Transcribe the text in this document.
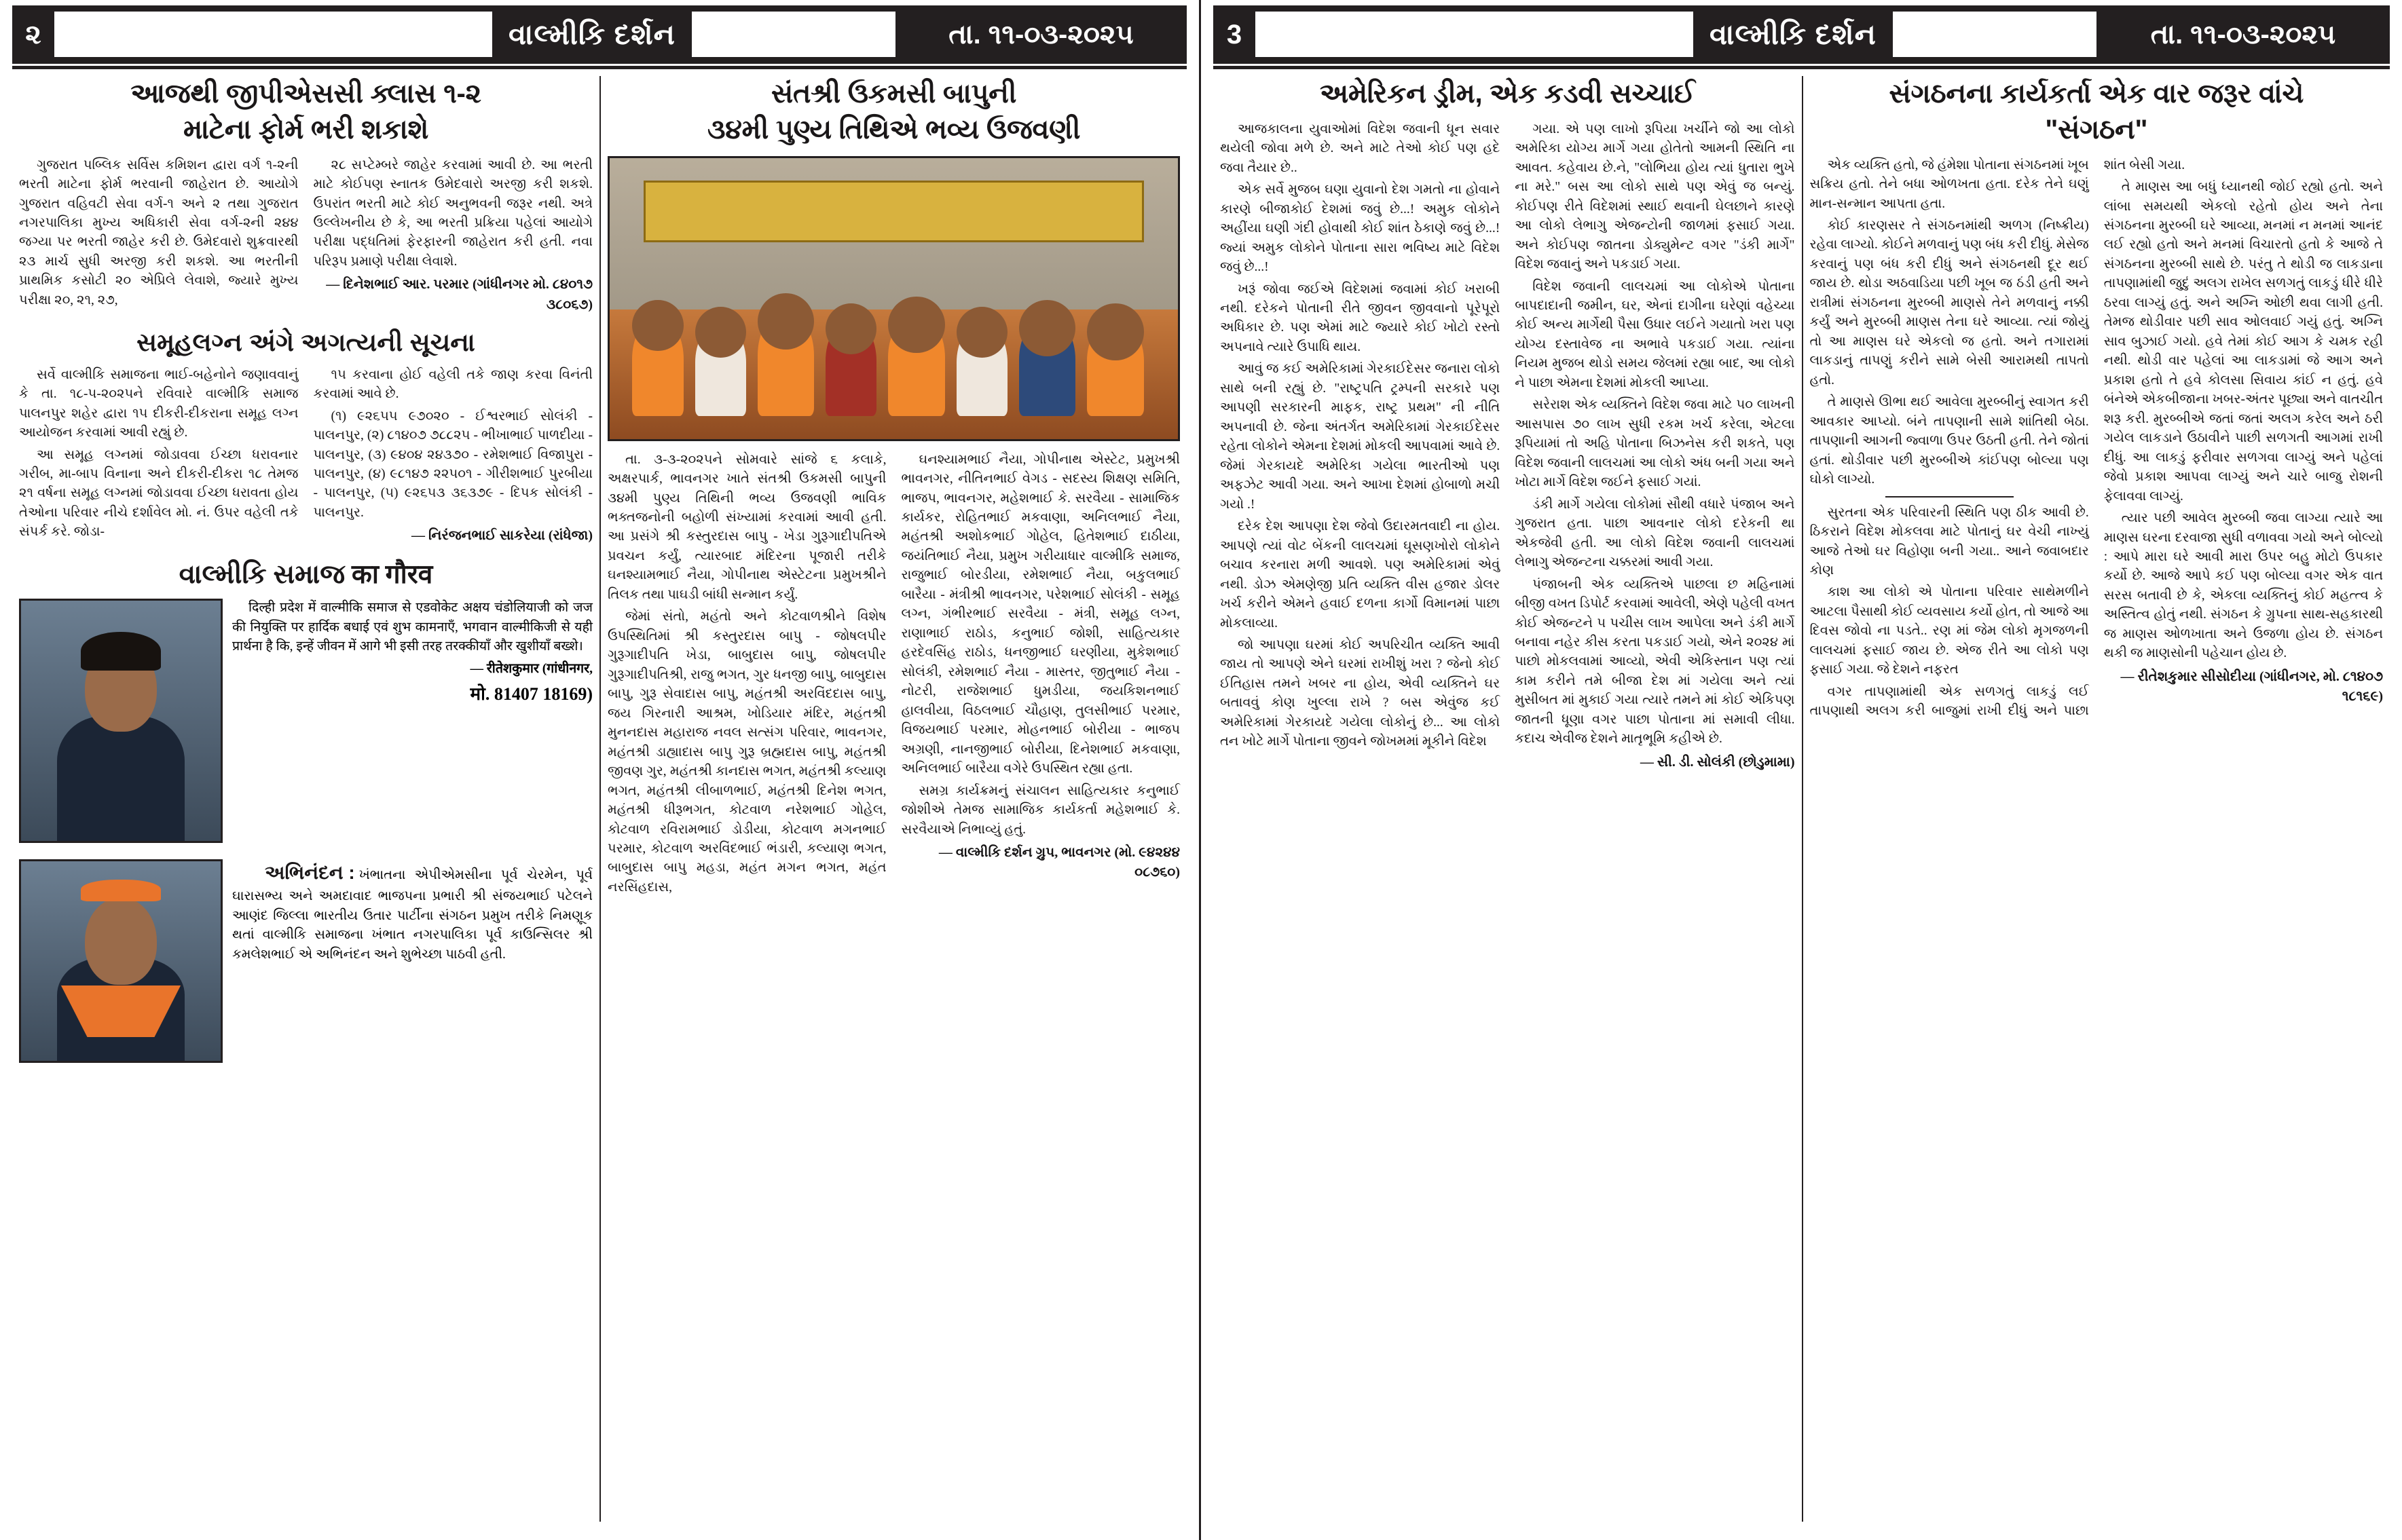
૨	વાલ્મીકિ દર્શન	તા. ૧૧-૦૩-૨૦૨૫
આજથી જીપીએસસી ક્લાસ ૧-૨
માટેના ફોર્મ ભરી શકાશે

ગુજરાત પબ્લિક સર્વિસ કમિશન દ્વારા વર્ગ ૧-૨ની ભરતી માટેના ફોર્મ ભરવાની જાહેરાત છે. આયોગે ગુજરાત વહિવટી સેવા વર્ગ-૧ અને ૨ તથા ગુજરાત નગરપાલિકા મુખ્ય અધિકારી સેવા વર્ગ-૨ની ૨૪૪ જગ્યા પર ભરતી જાહેર કરી છે. ઉમેદવારો શુક્રવારથી ૨૩ માર્ચ સુધી અરજી કરી શકશે. આ ભરતીની પ્રાથમિક કસોટી ૨૦ એપ્રિલે લેવાશે, જ્યારે મુખ્ય પરીક્ષા ૨૦, ૨૧, ૨૭,

૨૮ સપ્ટેમ્બરે જાહેર કરવામાં આવી છે. આ ભરતી માટે કોઈપણ સ્નાતક ઉમેદવારો અરજી કરી શકશે. ઉપરાંત ભરતી માટે કોઈ અનુભવની જરૂર નથી. અત્રે ઉલ્લેખનીય છે કે, આ ભરતી પ્રક્રિયા પહેલાં આયોગે પરીક્ષા પદ્ધતિમાં ફેરફારની જાહેરાત કરી હતી. નવા પરિરૂપ પ્રમાણે પરીક્ષા લેવાશે.

— દિનેશભાઈ આર. પરમાર (ગાંધીનગર મો. ૮૪૦૧૭ ૩૮૦૬૭)

સમૂહલગ્ન અંગે અગત્યની સૂચના

સર્વે વાલ્મીકિ સમાજના ભાઈ-બહેનોને જણાવવાનું કે તા. ૧૮-૫-૨૦૨૫ને રવિવારે વાલ્મીકિ સમાજ પાલનપુર શહેર દ્વારા ૧૫ દીકરી-દીકરાના સમૂહ લગ્ન આયોજન કરવામાં આવી રહ્યું છે.

આ સમૂહ લગ્નમાં જોડાવવા ઈચ્છા ધરાવનાર ગરીબ, મા-બાપ વિનાના અને દીકરી-દીકરા ૧૮ તેમજ ૨૧ વર્ષના સમૂહ લગ્નમાં જોડાવવા ઈચ્છા ધરાવતા હોય તેઓના પરિવાર નીચે દર્શાવેલ મો. નં. ઉપર વહેલી તકે સંપર્ક કરે. જોડા-

૧૫ કરવાના હોઈ વહેલી તકે જાણ કરવા વિનંતી કરવામાં આવે છે.

(૧) ૯૨૬૫૫ ૯૭૦૨૦ - ઈશ્વરભાઈ સોલંકી - પાલનપુર, (૨) ૮૧૪૦૭ ૭૮૮૨૫ - ભીખાભાઈ પાળદીયા - પાલનપુર, (૩) ૯૪૦૪ ૨૪૩૭૦ - રમેશભાઈ વિજાપુરા - પાલનપુર, (૪) ૯૮૧૪૭ ૨૨૫૦૧ - ગીરીશભાઈ પુરબીયા - પાલનપુર, (૫) ૯૨૬૫૩ ૩૬૩૭૯ - દિપક સોલંકી - પાલનપુર.

— નિરંજનભાઈ સાકરેયા (રાંધેજા)

વાલ્મીકિ સમાજ का गौरव

दिल्ही प्रदेश में वाल्मीकि समाज से एडवोकेट अक्षय चंडोलियाजी को जज की नियुक्ति पर हार्दिक बधाई एवं शुभ कामनाएँ, भगवान वाल्मीकिजी से यही प्रार्थना है कि, इन्हें जीवन में आगे भी इसी तरह तरक्कीयाँ और खुशीयाँ बख्शे।

— रीतेशकुमार (गांधीनगर,

मो. 81407 18169)

અભિનંદન : ખંભાતના એપીએમસીના પૂર્વ ચેરમેન, પૂર્વ ઘારાસભ્ય અને અમદાવાદ ભાજપના પ્રભારી શ્રી સંજયભાઈ પટેલને આણંદ જિલ્લા ભારતીય ઉતાર પાર્ટીના સંગઠન પ્રમુખ તરીકે નિમણૂક થતાં વાલ્મીકિ સમાજના ખંભાત નગરપાલિકા પૂર્વ કાઉન્સિલર શ્રી કમલેશભાઈ એ અભિનંદન અને શુભેચ્છા પાઠવી હતી.

સંતશ્રી ઉકમસી બાપુની
૩૪મી પુણ્ય તિથિએ ભવ્ય ઉજવણી

તા. ૩-૩-૨૦૨૫ને સોમવારે સાંજે ૬ કલાકે, અક્ષરપાર્ક, ભાવનગર ખાતે સંતશ્રી ઉકમસી બાપુની ૩૪મી પુણ્ય તિથિની ભવ્ય ઉજવણી ભાવિક ભક્તજનોની બહોળી સંખ્યામાં કરવામાં આવી હતી. આ પ્રસંગે શ્રી કસ્તુરદાસ બાપુ - ખેડા ગુરૂગાદીપતિએ પ્રવચન કર્યું, ત્યારબાદ મંદિરના પૂજારી તરીકે ઘનશ્યામભાઈ નૈયા, ગોપીનાથ એસ્ટેટના પ્રમુખશ્રીને તિલક તથા પાઘડી બાંધી સન્માન કર્યું.

જેમાં સંતો, મહંતો અને કોટવાળશ્રીને વિશેષ ઉપસ્થિતિમાં શ્રી કસ્તુરદાસ બાપુ - જોષલપીર ગુરૂગાદીપતિ ખેડા, બાબુદાસ બાપુ, જોષલપીર ગુરૂગાદીપતિશ્રી, રાજુ ભગત, ગુર ધનજી બાપુ, બાબુદાસ બાપુ, ગુરૂ સેવાદાસ બાપુ, મહંતશ્રી અરવિંદદાસ બાપુ, જય ગિરનારી આશ્રમ, ખોડિયાર મંદિર, મહંતશ્રી મુનનદાસ મહારાજ નવલ સત્સંગ પરિવાર, ભાવનગર, મહંતશ્રી ડાહ્યાદાસ બાપુ ગુરૂ બ્રહ્મદાસ બાપુ, મહંતશ્રી જીવણ ગુર, મહંતશ્રી કાનદાસ ભગત, મહંતશ્રી કલ્યાણ ભગત, મહંતશ્રી લીબાળભાઈ, મહંતશ્રી દિનેશ ભગત, મહંતશ્રી ધીરૂભગત, કોટવાળ નરેશભાઈ ગોહેલ, કોટવાળ રવિરામભાઈ ડોડીયા, કોટવાળ મગનભાઈ પરમાર, કોટવાળ અરવિંદભાઈ ભંડારી, કલ્યાણ ભગત, બાબુદાસ બાપુ મહડા, મહંત મગન ભગત, મહંત નરસિંહદાસ,

ઘનશ્યામભાઈ નૈયા, ગોપીનાથ એસ્ટેટ, પ્રમુખશ્રી ભાવનગર, નીતિનભાઈ વેગડ - સદસ્ય શિક્ષણ સમિતિ, ભાજપ, ભાવનગર, મહેશભાઈ કે. સરવૈયા - સામાજિક કાર્યકર, રોહિતભાઈ મકવાણા, અનિલભાઈ નૈયા, મહંતશ્રી અશોકભાઈ ગોહેલ, હિતેશભાઈ દાઠીયા, જયંતિભાઈ નૈયા, પ્રમુખ ગરીયાધાર વાલ્મીકિ સમાજ, રાજુભાઈ બોરડીયા, રમેશભાઈ નૈયા, બકુલભાઈ બારૈયા - મંત્રીશ્રી ભાવનગર, પરેશભાઈ સોલંકી - સમૂહ લગ્ન, ગંભીરભાઈ સરવૈયા - મંત્રી, સમૂહ લગ્ન, રાણાભાઈ રાઠોડ, કનુભાઈ જોશી, સાહિત્યકાર હરદેવસિંહ રાઠોડ, ધનજીભાઈ ઘરણીયા, મુકેશભાઈ સોલંકી, રમેશભાઈ નૈયા - માસ્તર, જીતુભાઈ નૈયા - નોટરી, રાજેશભાઈ ધુમડીયા, જયકિશનભાઈ હાલવીયા, વિઠલભાઈ ચૌહાણ, તુલસીભાઈ પરમાર, વિજયભાઈ પરમાર, મોહનભાઈ બોરીયા - ભાજપ અગ્રણી, નાનજીભાઈ બોરીયા, દિનેશભાઈ મકવાણા, અનિલભાઈ બારૈયા વગેરે ઉપસ્થિત રહ્યા હતા.

સમગ્ર કાર્યક્રમનું સંચાલન સાહિત્યકાર કનુભાઈ જોશીએ તેમજ સામાજિક કાર્યકર્તા મહેશભાઈ કે. સરવૈયાએ નિભાવ્યું હતું.

— વાલ્મીકિ દર્શન ગ્રુપ, ભાવનગર (મો. ૯૪૨૪૪ ૦૮૭૬૦)

3	વાલ્મીકિ દર્શન	તા. ૧૧-૦૩-૨૦૨૫
અમેરિકન ડ્રીમ, એક કડવી સચ્ચાઈ

આજકાલના યુવાઓમાં વિદેશ જવાની ધૂન સવાર થયેલી જોવા મળે છે. અને માટે તેઓ કોઈ પણ હદે જવા તૈયાર છે..

એક સર્વે મુજબ ઘણા યુવાનો દેશ ગમતો ના હોવાને કારણે બીજાકોઈ દેશમાં જવું છે...! અમુક લોકોને અહીંયા ઘણી ગંદી હોવાથી કોઈ શાંત ઠેકાણે જવું છે...! જ્યાં અમુક લોકોને પોતાના સારા ભવિષ્ય માટે વિદેશ જવું છે...!

ખરૂં જોવા જઈએ વિદેશમાં જવામાં કોઈ ખરાબી નથી. દરેકને પોતાની રીતે જીવન જીવવાનો પૂરેપૂરો અધિકાર છે. પણ એમાં માટે જ્યારે કોઈ ખોટો રસ્તો અપનાવે ત્યારે ઉપાધિ થાય.

આવું જ કઈ અમેરિકામાં ગેરકાઈદેસર જનારા લોકો સાથે બની રહ્યું છે. "રાષ્ટ્રપતિ ટ્રમ્પની સરકારે પણ આપણી સરકારની માફક, રાષ્ટ્ર પ્રથમ" ની નીતિ અપનાવી છે. જેના અંતર્ગત અમેરિકામાં ગેરકાઈદેસર રહેતા લોકોને એમના દેશમાં મોકલી આપવામાં આવે છે. જેમાં ગેરકાયદે અમેરિકા ગયેલા ભારતીઓ પણ અફઝેટ આવી ગયા. અને આખા દેશમાં હોબાળો મચી ગયો .!

દરેક દેશ આપણા દેશ જેવો ઉદારમતવાદી ના હોય. આપણે ત્યાં વોટ બેંકની લાલચમાં ઘૂસણખોરો લોકોને બચાવ કરનારા મળી આવશે. પણ અમેરિકામાં એવું નથી. ડોઝ એમણેજી પ્રતિ વ્યક્તિ વીસ હજાર ડોલર ખર્ચ કરીને એમને હવાઈ દળના કાર્ગો વિમાનમાં પાછા મોકલાવ્યા.

જો આપણા ઘરમાં કોઈ અપરિચીત વ્યક્તિ આવી જાય તો આપણે એને ઘરમાં રાખીશું ખરા ? જેનો કોઈ ઈતિહાસ તમને ખબર ના હોય, એવી વ્યક્તિને ઘર બતાવવું કોણ ખુલ્લા રાખે ? બસ એવુંજ કઈ અમેરિકામાં ગેરકાયદે ગયેલા લોકોનું છે... આ લોકો તન ખોટે માર્ગે પોતાના જીવને જોખમમાં મૂકીને વિદેશ

ગયા. એ પણ લાખો રૂપિયા ખર્ચીને જો આ લોકો અમેરિકા યોગ્ય માર્ગે ગયા હોતેતો આમની સ્થિતિ ના આવત. કહેવાય છે.ને, "લોભિયા હોય ત્યાં ધુતારા ભુખે ના મરે." બસ આ લોકો સાથે પણ એવું જ બન્યું. કોઈપણ રીતે વિદેશમાં સ્થાઈ થવાની ઘેલછાને કારણે આ લોકો લેભાગુ એજન્ટોની જાળમાં ફસાઈ ગયા. અને કોઈપણ જાતના ડોક્યુમેન્ટ વગર "ડંકી માર્ગે" વિદેશ જવાનું અને પકડાઈ ગયા.

વિદેશ જવાની લાલચમાં આ લોકોએ પોતાના બાપદાદાની જમીન, ઘર, એનાં દાગીના ઘરેણાં વહેચ્યા કોઈ અન્ય માર્ગેથી પૈસા ઉધાર લઈને ગયાતો ખરા પણ યોગ્ય દસ્તાવેજ ના અભાવે પકડાઈ ગયા. ત્યાંના નિયમ મુજબ થોડો સમય જેલમાં રહ્યા બાદ, આ લોકો ને પાછા એમના દેશમાં મોકલી આપ્યા.

સરેરાશ એક વ્યક્તિને વિદેશ જવા માટે ૫૦ લાખની આસપાસ ૭૦ લાખ સુધી રકમ ખર્ચ કરેલા, એટલા રૂપિયામાં તો અહિ પોતાના બિઝનેસ કરી શકતે, પણ વિદેશ જવાની લાલચમાં આ લોકો અંધ બની ગયા અને ખોટા માર્ગે વિદેશ જઈને ફસાઈ ગયાં.

ડંકી માર્ગે ગયેલા લોકોમાં સૌથી વધારે પંજાબ અને ગુજરાત હતા. પાછા આવનાર લોકો દરેકની થા એકજેવી હતી. આ લોકો વિદેશ જવાની લાલચમાં લેભાગુ એજન્ટના ચક્કરમાં આવી ગયા.

પંજાબની એક વ્યક્તિએ પાછલા છ મહિનામાં બીજી વખત ડિપોર્ટ કરવામાં આવેલી, એણે પહેલી વખત કોઈ એજન્ટને ૫ પચીસ લાખ આપેલા અને ડંકી માર્ગે બનાવા નહેર કીસ કરતા પકડાઈ ગયો, એને ૨૦૨૪ માં પાછો મોકલવામાં આવ્યો, એવી એકિસ્તાન પણ ત્યાં કામ કરીને તમે બીજા દેશ માં ગયેલા અને ત્યાં મુસીબત માં મુકાઈ ગયા ત્યારે તમને માં કોઈ એકિપણ જાતની ધૂણા વગર પાછા પોતાના માં સમાવી લીધા. કદાચ એવીજ દેશને માતૃભૂમિ કહીએ છે.

— સી. ડી. સોલંકી (છોડુમામા)

સંગઠનના કાર્યકર્તા એક વાર જરૂર વાંચે
"સંગઠન"

એક વ્યક્તિ હતો, જે હંમેશા પોતાના સંગઠનમાં ખૂબ સક્રિય હતો. તેને બધા ઓળખતા હતા. દરેક તેને ઘણું માન-સન્માન આપતા હતા.

કોઈ કારણસર તે સંગઠનમાંથી અળગ (નિષ્ક્રીય) રહેવા લાગ્યો. કોઈને મળવાનું પણ બંધ કરી દીધું. મેસેજ કરવાનું પણ બંધ કરી દીધું અને સંગઠનથી દૂર થઈ જાય છે. થોડા અઠવાડિયા પછી ખૂબ જ ઠંડી હતી અને રાત્રીમાં સંગઠનના મુરબ્બી માણસે તેને મળવાનું નક્કી કર્યું અને મુરબ્બી માણસ તેના ઘરે આવ્યા. ત્યાં જોયું તો આ માણસ ઘરે એકલો જ હતો. અને તગારામાં લાકડાનું તાપણું કરીને સામે બેસી આરામથી તાપતો હતો.

તે માણસે ઊભા થઈ આવેલા મુરબ્બીનું સ્વાગત કરી આવકાર આપ્યો. બંને તાપણાની સામે શાંતિથી બેઠા. તાપણાની આગની જ્વાળા ઉપર ઉઠતી હતી. તેને જોતાં હતાં. થોડીવાર પછી મુરબ્બીએ કાંઈપણ બોલ્યા પણ ઘોકો લાગ્યો.

સુરતના એક પરિવારની સ્થિતિ પણ ઠીક આવી છે. ઠિકરાને વિદેશ મોકલવા માટે પોતાનું ઘર વેચી નાખ્યું આજે તેઓ ઘર વિહોણા બની ગયા.. આને જવાબદાર કોણ

કાશ આ લોકો એ પોતાના પરિવાર સાથેમળીને આટલા પૈસાથી કોઈ વ્યવસાય કર્યો હોત, તો આજે આ દિવસ જોવો ના પડતે.. રણ માં જેમ લોકો મૃગજળની લાલચમાં ફસાઈ જાય છે. એજ રીતે આ લોકો પણ ફસાઈ ગયા. જે દેશને નફરત

વગર તાપણામાંથી એક સળગતું લાકડું લઈ તાપણાથી અલગ કરી બાજુમાં રાખી દીધું અને પાછા શાંત બેસી ગયા.

તે માણસ આ બધું ધ્યાનથી જોઈ રહ્યો હતો. અને લાંબા સમયથી એકલો રહેતો હોય અને તેના સંગઠનના મુરબ્બી ઘરે આવ્યા, મનમાં ન મનમાં આનંદ લઈ રહ્યો હતો અને મનમાં વિચારતો હતો કે આજે તે સંગઠનના મુરબ્બી સાથે છે. પરંતુ તે થોડી જ લાકડાના તાપણામાંથી જુદું અલગ રાખેલ સળગતું લાકડું ધીરે ધીરે ઠરવા લાગ્યું હતું. અને અગ્નિ ઓછી થવા લાગી હતી. તેમજ થોડીવાર પછી સાવ ઓલવાઈ ગયું હતું. અગ્નિ સાવ બુઝાઈ ગયો. હવે તેમાં કોઈ આગ કે ચમક રહી નથી. થોડી વાર પહેલાં આ લાકડામાં જે આગ અને પ્રકાશ હતો તે હવે કોલસા સિવાય કાંઈ ન હતું. હવે બંનેએ એકબીજાના ખબર-અંતર પૂછ્યા અને વાતચીત શરૂ કરી. મુરબ્બીએ જતાં જતાં અલગ કરેલ અને ઠરી ગયેલ લાકડાને ઉઠાવીને પાછી સળગતી આગમાં રાખી દીધું. આ લાકડું ફરીવાર સળગવા લાગ્યું અને પહેલાં જેવો પ્રકાશ આપવા લાગ્યું અને ચારે બાજુ રોશની ફેલાવવા લાગ્યું.

ત્યાર પછી આવેલ મુરબ્બી જવા લાગ્યા ત્યારે આ માણસ ઘરના દરવાજા સુધી વળાવવા ગયો અને બોલ્યો : આપે મારા ઘરે આવી મારા ઉપર બહુ મોટો ઉપકાર કર્યો છે. આજે આપે કઈ પણ બોલ્યા વગર એક વાત સરસ બતાવી છે કે, એકલા વ્યક્તિનું કોઈ મહત્ત્વ કે અસ્તિત્વ હોતું નથી. સંગઠન કે ગ્રુપના સાથ-સહકારથી જ માણસ ઓળખાતા અને ઉજળા હોય છે. સંગઠન થકી જ માણસોની પહેચાન હોય છે.

— રીતેશકુમાર સીસોદીયા (ગાંધીનગર, મો. ૮૧૪૦૭ ૧૮૧૬૯)
